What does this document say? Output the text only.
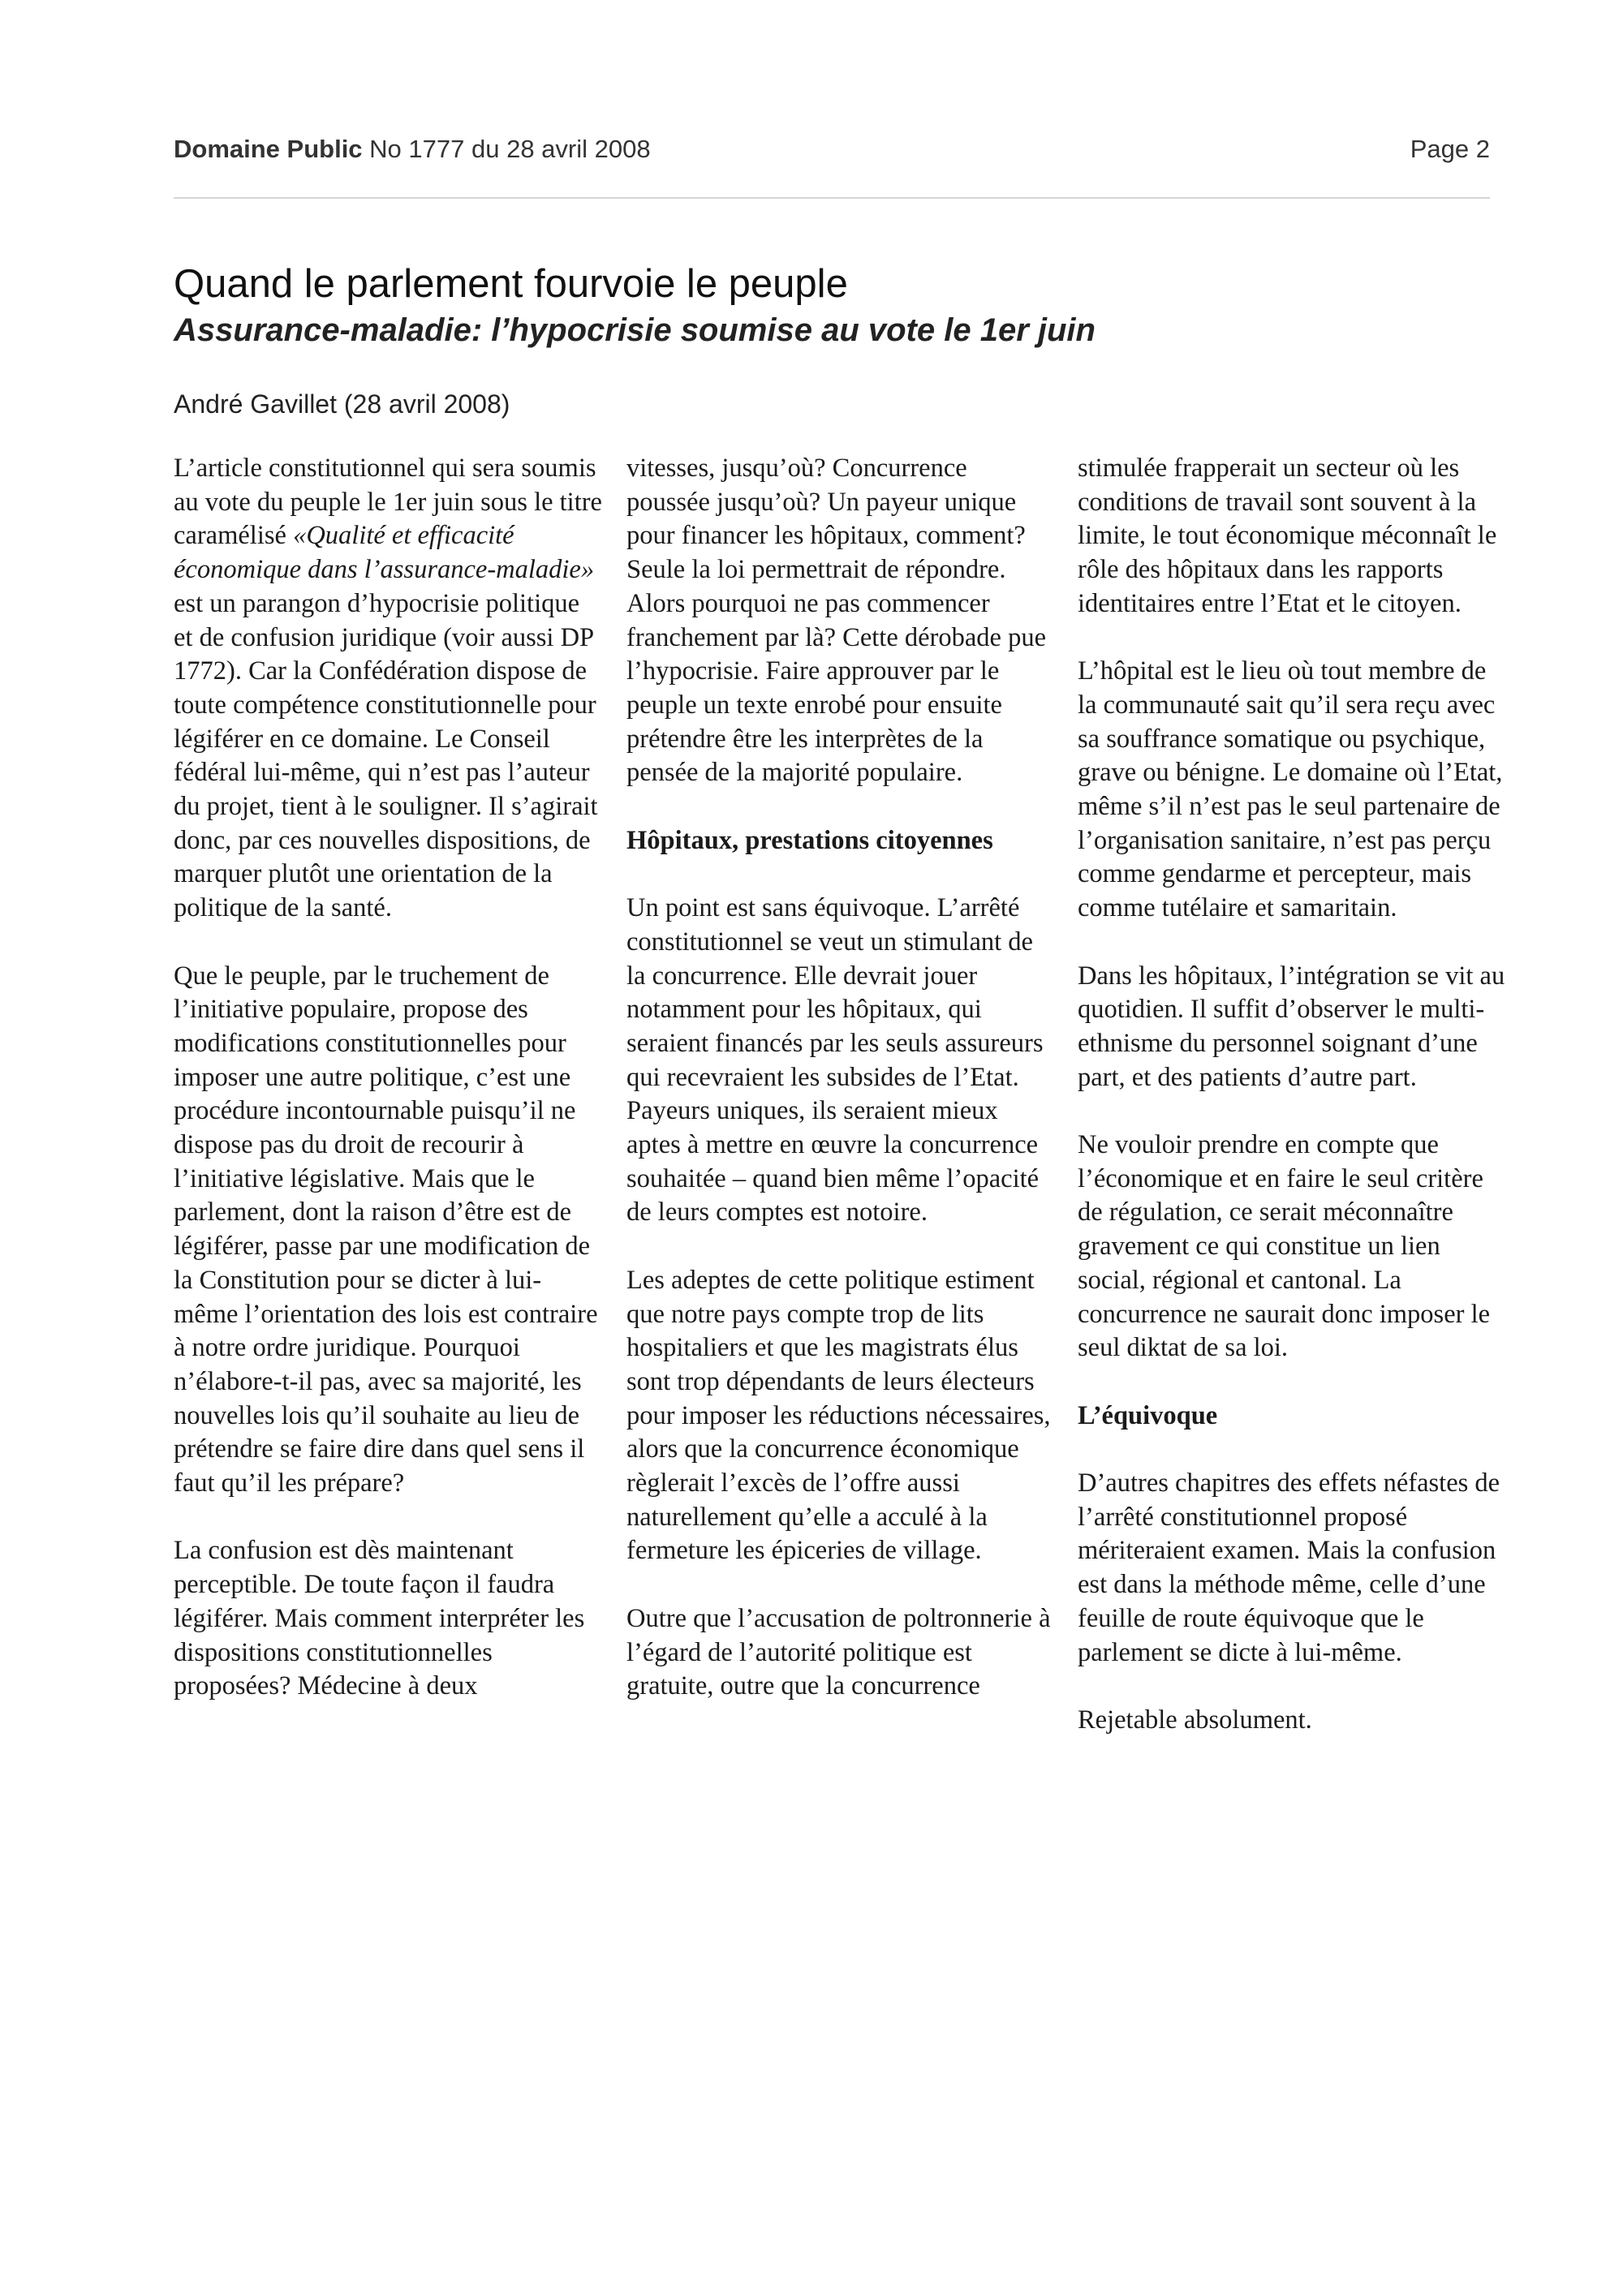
Domaine Public No 1777 du 28 avril 2008	Page 2
Quand le parlement fourvoie le peuple
Assurance-maladie: l’hypocrisie soumise au vote le 1er juin

André Gavillet (28 avril 2008)

L’article constitutionnel qui sera soumis au vote du peuple le 1er juin sous le titre caramélisé «Qualité et efficacité économique dans l’assurance-maladie» est un parangon d’hypocrisie politique et de confusion juridique (voir aussi DP 1772). Car la Confédération dispose de toute compétence constitutionnelle pour légiférer en ce domaine. Le Conseil fédéral lui-même, qui n’est pas l’auteur du projet, tient à le souligner. Il s’agirait donc, par ces nouvelles dispositions, de marquer plutôt une orientation de la politique de la santé.

Que le peuple, par le truchement de l’initiative populaire, propose des modifications constitutionnelles pour imposer une autre politique, c’est une procédure incontournable puisqu’il ne dispose pas du droit de recourir à l’initiative législative. Mais que le parlement, dont la raison d’être est de légiférer, passe par une modification de la Constitution pour se dicter à lui-même l’orientation des lois est contraire à notre ordre juridique. Pourquoi n’élabore-t-il pas, avec sa majorité, les nouvelles lois qu’il souhaite au lieu de prétendre se faire dire dans quel sens il faut qu’il les prépare?

La confusion est dès maintenant perceptible. De toute façon il faudra légiférer. Mais comment interpréter les dispositions constitutionnelles proposées? Médecine à deux

vitesses, jusqu’où? Concurrence poussée jusqu’où? Un payeur unique pour financer les hôpitaux, comment? Seule la loi permettrait de répondre. Alors pourquoi ne pas commencer franchement par là? Cette dérobade pue l’hypocrisie. Faire approuver par le peuple un texte enrobé pour ensuite prétendre être les interprètes de la pensée de la majorité populaire.

Hôpitaux, prestations citoyennes

Un point est sans équivoque. L’arrêté constitutionnel se veut un stimulant de la concurrence. Elle devrait jouer notamment pour les hôpitaux, qui seraient financés par les seuls assureurs qui recevraient les subsides de l’Etat. Payeurs uniques, ils seraient mieux aptes à mettre en œuvre la concurrence souhaitée – quand bien même l’opacité de leurs comptes est notoire.

Les adeptes de cette politique estiment que notre pays compte trop de lits hospitaliers et que les magistrats élus sont trop dépendants de leurs électeurs pour imposer les réductions nécessaires, alors que la concurrence économique règlerait l’excès de l’offre aussi naturellement qu’elle a acculé à la fermeture les épiceries de village.

Outre que l’accusation de poltronnerie à l’égard de l’autorité politique est gratuite, outre que la concurrence

stimulée frapperait un secteur où les conditions de travail sont souvent à la limite, le tout économique méconnaît le rôle des hôpitaux dans les rapports identitaires entre l’Etat et le citoyen.

L’hôpital est le lieu où tout membre de la communauté sait qu’il sera reçu avec sa souffrance somatique ou psychique, grave ou bénigne. Le domaine où l’Etat, même s’il n’est pas le seul partenaire de l’organisation sanitaire, n’est pas perçu comme gendarme et percepteur, mais comme tutélaire et samaritain.

Dans les hôpitaux, l’intégration se vit au quotidien. Il suffit d’observer le multi-ethnisme du personnel soignant d’une part, et des patients d’autre part.

Ne vouloir prendre en compte que l’économique et en faire le seul critère de régulation, ce serait méconnaître gravement ce qui constitue un lien social, régional et cantonal. La concurrence ne saurait donc imposer le seul diktat de sa loi.

L’équivoque

D’autres chapitres des effets néfastes de l’arrêté constitutionnel proposé mériteraient examen. Mais la confusion est dans la méthode même, celle d’une feuille de route équivoque que le parlement se dicte à lui-même.

Rejetable absolument.
